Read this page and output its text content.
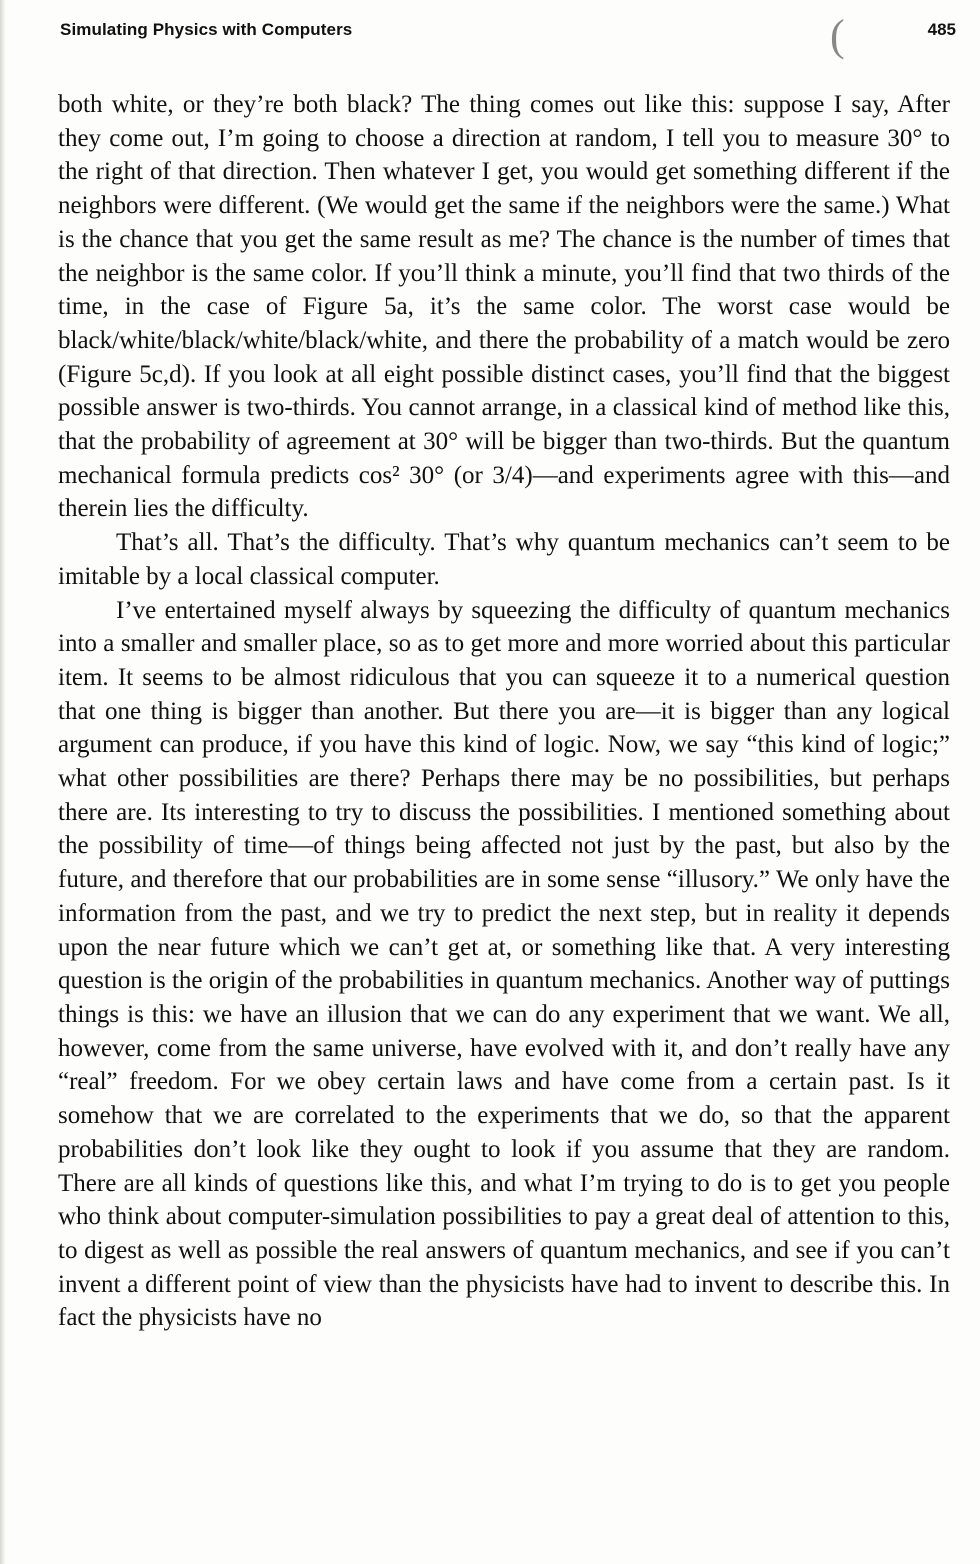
Simulating Physics with Computers	(	485

both white, or they’re both black? The thing comes out like this: suppose I say, After they come out, I’m going to choose a direction at random, I tell you to measure 30° to the right of that direction. Then whatever I get, you would get something different if the neighbors were different. (We would get the same if the neighbors were the same.) What is the chance that you get the same result as me? The chance is the number of times that the neighbor is the same color. If you’ll think a minute, you’ll find that two thirds of the time, in the case of Figure 5a, it’s the same color. The worst case would be black/white/black/white/black/white, and there the probability of a match would be zero (Figure 5c,d). If you look at all eight possible distinct cases, you’ll find that the biggest possible answer is two-thirds. You cannot arrange, in a classical kind of method like this, that the probability of agreement at 30° will be bigger than two-thirds. But the quantum mechanical formula predicts cos² 30° (or 3/4)—and experiments agree with this—and therein lies the difficulty.

That’s all. That’s the difficulty. That’s why quantum mechanics can’t seem to be imitable by a local classical computer.

I’ve entertained myself always by squeezing the difficulty of quantum mechanics into a smaller and smaller place, so as to get more and more worried about this particular item. It seems to be almost ridiculous that you can squeeze it to a numerical question that one thing is bigger than another. But there you are—it is bigger than any logical argument can produce, if you have this kind of logic. Now, we say “this kind of logic;” what other possibilities are there? Perhaps there may be no possibilities, but perhaps there are. Its interesting to try to discuss the possibilities. I mentioned something about the possibility of time—of things being affected not just by the past, but also by the future, and therefore that our probabilities are in some sense “illusory.” We only have the information from the past, and we try to predict the next step, but in reality it depends upon the near future which we can’t get at, or something like that. A very interesting question is the origin of the probabilities in quantum mechanics. Another way of puttings things is this: we have an illusion that we can do any experiment that we want. We all, however, come from the same universe, have evolved with it, and don’t really have any “real” freedom. For we obey certain laws and have come from a certain past. Is it somehow that we are correlated to the experiments that we do, so that the apparent probabilities don’t look like they ought to look if you assume that they are random. There are all kinds of questions like this, and what I’m trying to do is to get you people who think about computer-simulation possibilities to pay a great deal of attention to this, to digest as well as possible the real answers of quantum mechanics, and see if you can’t invent a different point of view than the physicists have had to invent to describe this. In fact the physicists have no
